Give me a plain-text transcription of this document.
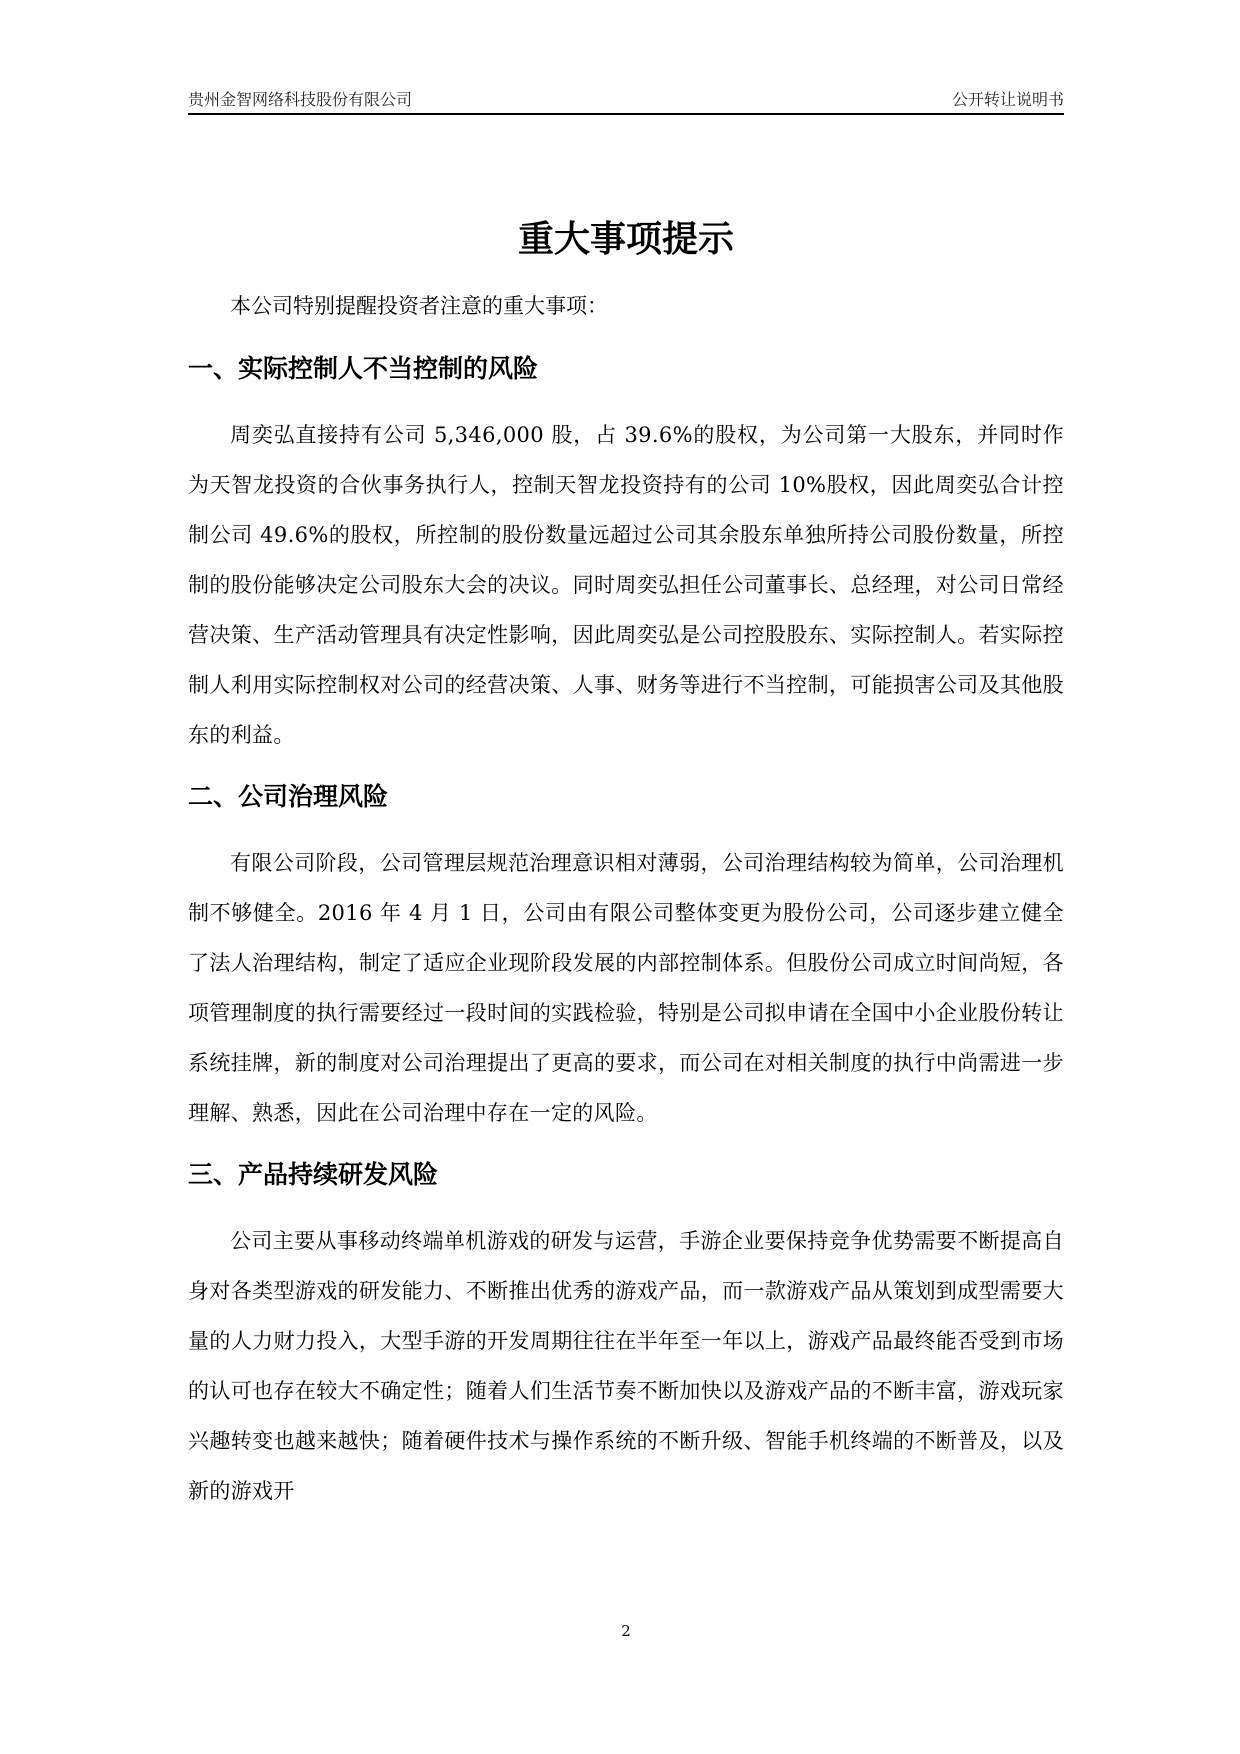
贵州金智网络科技股份有限公司	公开转让说明书
重大事项提示

本公司特别提醒投资者注意的重大事项：

一、实际控制人不当控制的风险

周奕弘直接持有公司 5,346,000 股，占 39.6%的股权，为公司第一大股东，并同时作为天智龙投资的合伙事务执行人，控制天智龙投资持有的公司 10%股权，因此周奕弘合计控制公司 49.6%的股权，所控制的股份数量远超过公司其余股东单独所持公司股份数量，所控制的股份能够决定公司股东大会的决议。同时周奕弘担任公司董事长、总经理，对公司日常经营决策、生产活动管理具有决定性影响，因此周奕弘是公司控股股东、实际控制人。若实际控制人利用实际控制权对公司的经营决策、人事、财务等进行不当控制，可能损害公司及其他股东的利益。

二、公司治理风险

有限公司阶段，公司管理层规范治理意识相对薄弱，公司治理结构较为简单，公司治理机制不够健全。2016 年 4 月 1 日，公司由有限公司整体变更为股份公司，公司逐步建立健全了法人治理结构，制定了适应企业现阶段发展的内部控制体系。但股份公司成立时间尚短，各项管理制度的执行需要经过一段时间的实践检验，特别是公司拟申请在全国中小企业股份转让系统挂牌，新的制度对公司治理提出了更高的要求，而公司在对相关制度的执行中尚需进一步理解、熟悉，因此在公司治理中存在一定的风险。

三、产品持续研发风险

公司主要从事移动终端单机游戏的研发与运营，手游企业要保持竞争优势需要不断提高自身对各类型游戏的研发能力、不断推出优秀的游戏产品，而一款游戏产品从策划到成型需要大量的人力财力投入，大型手游的开发周期往往在半年至一年以上，游戏产品最终能否受到市场的认可也存在较大不确定性；随着人们生活节奏不断加快以及游戏产品的不断丰富，游戏玩家兴趣转变也越来越快；随着硬件技术与操作系统的不断升级、智能手机终端的不断普及，以及新的游戏开

2
